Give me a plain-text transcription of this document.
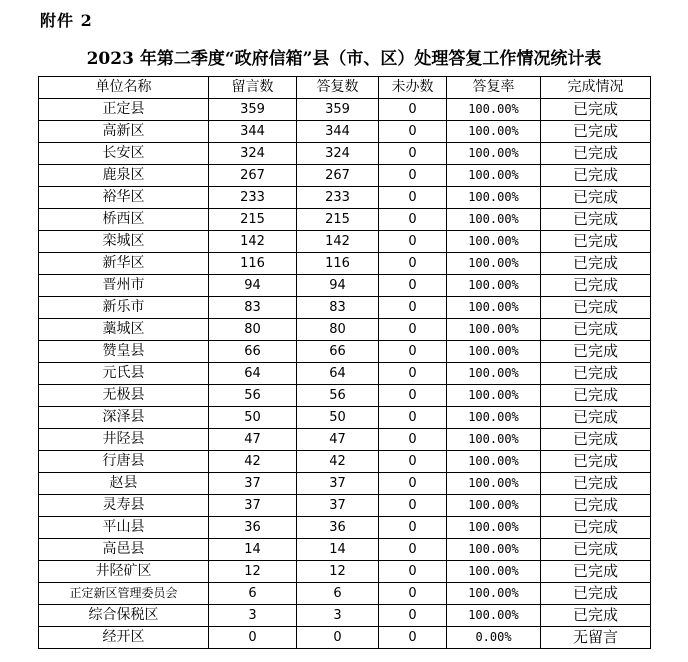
附件 2
2023 年第二季度“政府信箱”县（市、区）处理答复工作情况统计表
单位名称	留言数	答复数	未办数	答复率	完成情况
正定县	359	359	0	100.00%	已完成
高新区	344	344	0	100.00%	已完成
长安区	324	324	0	100.00%	已完成
鹿泉区	267	267	0	100.00%	已完成
裕华区	233	233	0	100.00%	已完成
桥西区	215	215	0	100.00%	已完成
栾城区	142	142	0	100.00%	已完成
新华区	116	116	0	100.00%	已完成
晋州市	94	94	0	100.00%	已完成
新乐市	83	83	0	100.00%	已完成
藁城区	80	80	0	100.00%	已完成
赞皇县	66	66	0	100.00%	已完成
元氏县	64	64	0	100.00%	已完成
无极县	56	56	0	100.00%	已完成
深泽县	50	50	0	100.00%	已完成
井陉县	47	47	0	100.00%	已完成
行唐县	42	42	0	100.00%	已完成
赵县	37	37	0	100.00%	已完成
灵寿县	37	37	0	100.00%	已完成
平山县	36	36	0	100.00%	已完成
高邑县	14	14	0	100.00%	已完成
井陉矿区	12	12	0	100.00%	已完成
正定新区管理委员会	6	6	0	100.00%	已完成
综合保税区	3	3	0	100.00%	已完成
经开区	0	0	0	0.00%	无留言
